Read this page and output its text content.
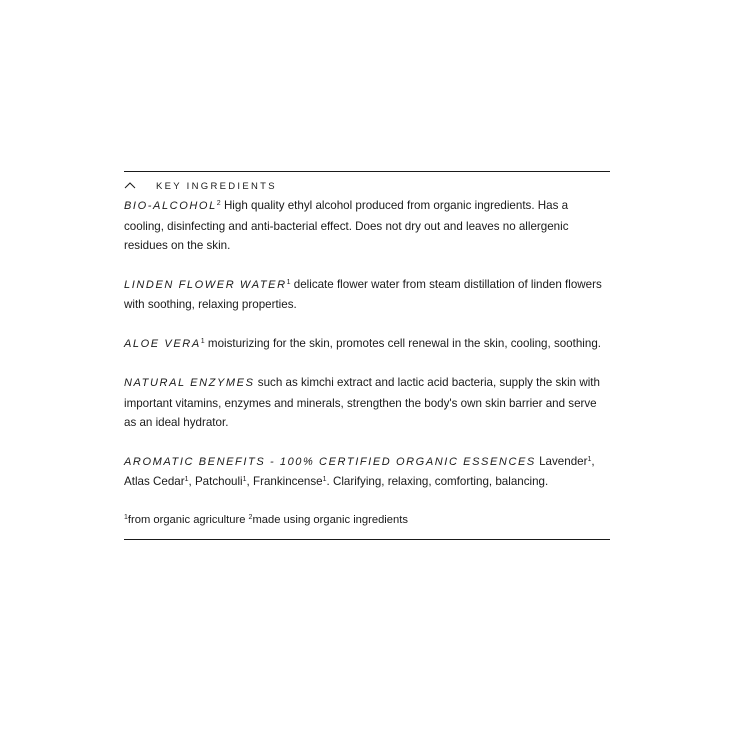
KEY INGREDIENTS

BIO-ALCOHOL$^2$ High quality ethyl alcohol produced from organic ingredients. Has a cooling, disinfecting and anti-bacterial effect. Does not dry out and leaves no allergenic residues on the skin.

LINDEN FLOWER WATER$^1$ delicate flower water from steam distillation of linden flowers with soothing, relaxing properties.

ALOE VERA$^1$ moisturizing for the skin, promotes cell renewal in the skin, cooling, soothing.

NATURAL ENZYMES such as kimchi extract and lactic acid bacteria, supply the skin with important vitamins, enzymes and minerals, strengthen the body's own skin barrier and serve as an ideal hydrator.

AROMATIC BENEFITS - 100% CERTIFIED ORGANIC ESSENCES Lavender$^1$, Atlas Cedar$^1$, Patchouli$^1$, Frankincense$^1$. Clarifying, relaxing, comforting, balancing.

$^1$from organic agriculture $^2$made using organic ingredients
